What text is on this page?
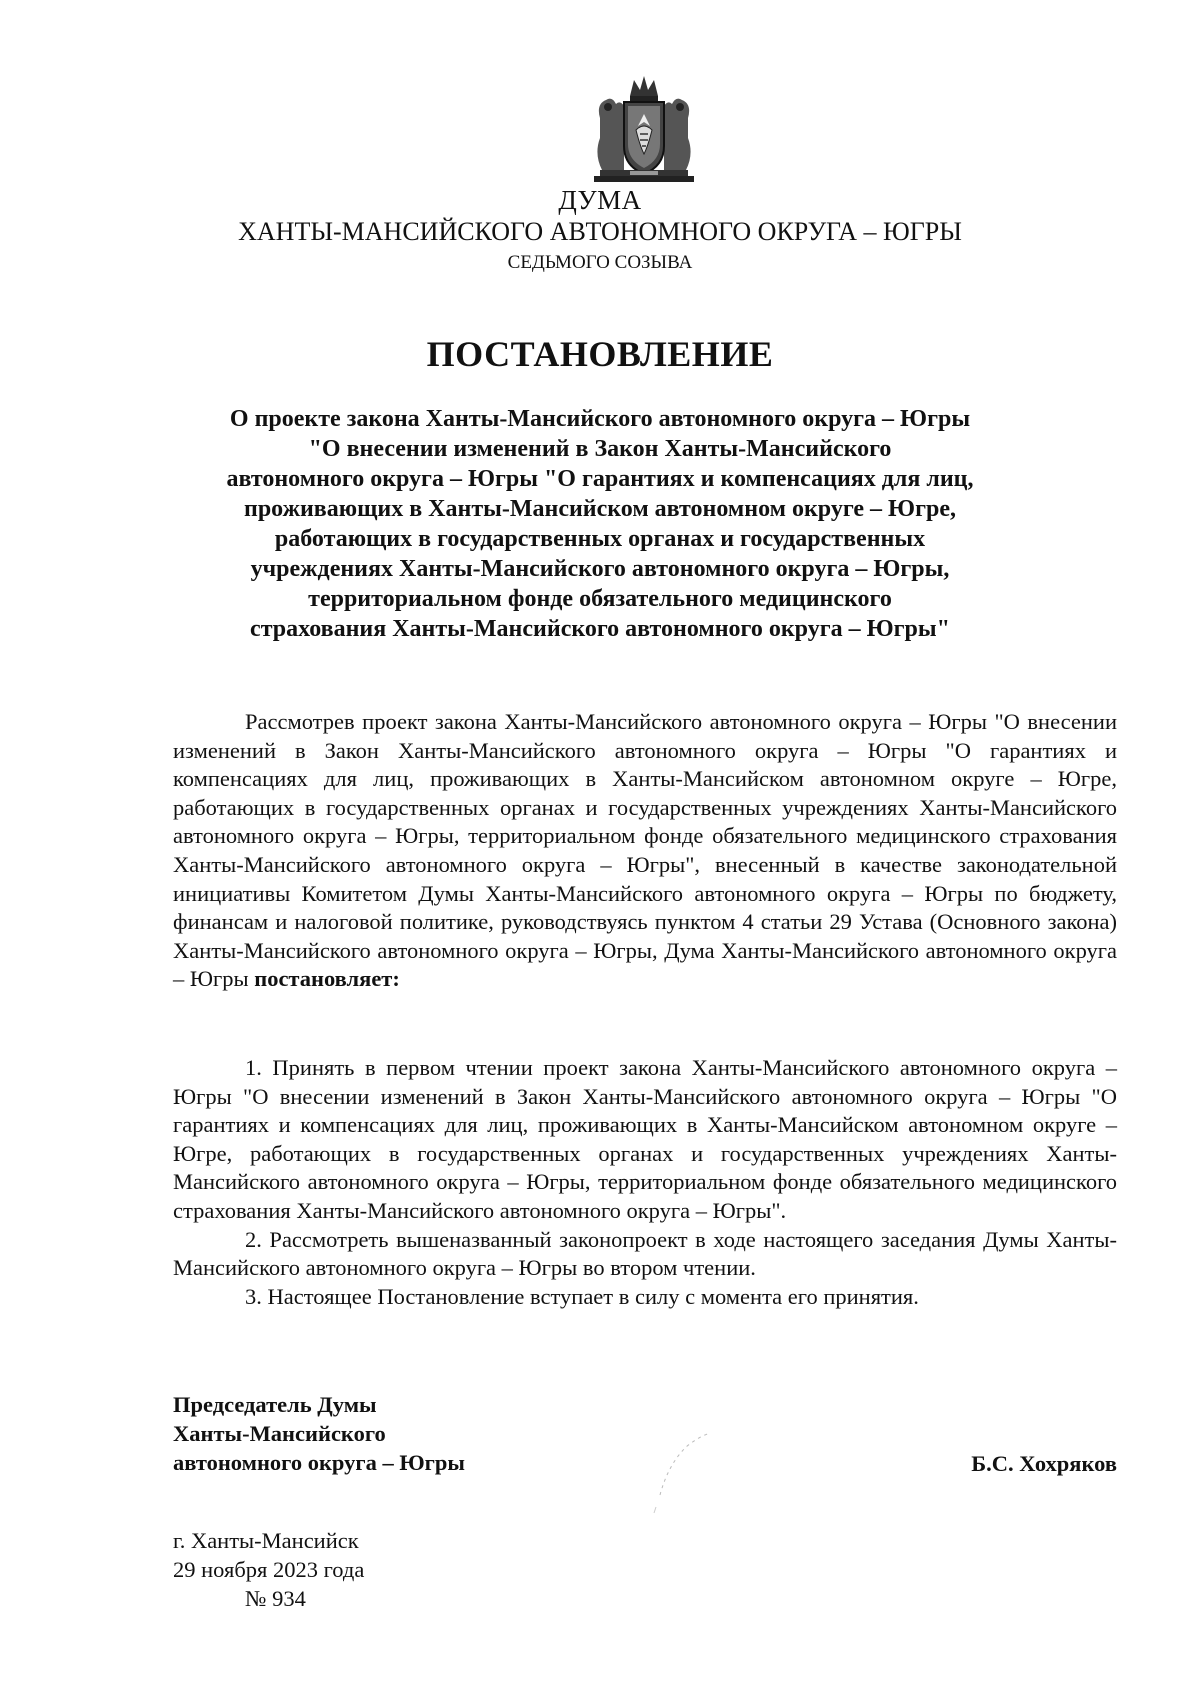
ДУМА
ХАНТЫ-МАНСИЙСКОГО АВТОНОМНОГО ОКРУГА – ЮГРЫ
СЕДЬМОГО СОЗЫВА
ПОСТАНОВЛЕНИЕ
О проекте закона Ханты-Мансийского автономного округа – Югры
"О внесении изменений в Закон Ханты-Мансийского
автономного округа – Югры "О гарантиях и компенсациях для лиц,
проживающих в Ханты-Мансийском автономном округе – Югре,
работающих в государственных органах и государственных
учреждениях Ханты-Мансийского автономного округа – Югры,
территориальном фонде обязательного медицинского
страхования Ханты-Мансийского автономного округа – Югры"

Рассмотрев проект закона Ханты-Мансийского автономного округа – Югры "О внесении изменений в Закон Ханты-Мансийского автономного округа – Югры "О гарантиях и компенсациях для лиц, проживающих в Ханты-Мансийском автономном округе – Югре, работающих в государственных органах и государственных учреждениях Ханты-Мансийского автономного округа – Югры, территориальном фонде обязательного медицинского страхования Ханты-Мансийского автономного округа – Югры", внесенный в качестве законодательной инициативы Комитетом Думы Ханты-Мансийского автономного округа – Югры по бюджету, финансам и налоговой политике, руководствуясь пунктом 4 статьи 29 Устава (Основного закона) Ханты-Мансийского автономного округа – Югры, Дума Ханты-Мансийского автономного округа – Югры постановляет:

1. Принять в первом чтении проект закона Ханты-Мансийского автономного округа – Югры "О внесении изменений в Закон Ханты-Мансийского автономного округа – Югры "О гарантиях и компенсациях для лиц, проживающих в Ханты-Мансийском автономном округе – Югре, работающих в государственных органах и государственных учреждениях Ханты-Мансийского автономного округа – Югры, территориальном фонде обязательного медицинского страхования Ханты-Мансийского автономного округа – Югры".

2. Рассмотреть вышеназванный законопроект в ходе настоящего заседания Думы Ханты-Мансийского автономного округа – Югры во втором чтении.

3. Настоящее Постановление вступает в силу с момента его принятия.

Председатель Думы
Ханты-Мансийского
автономного округа – Югры	Б.С. Хохряков
г. Ханты-Мансийск
29 ноября 2023 года
№ 934
